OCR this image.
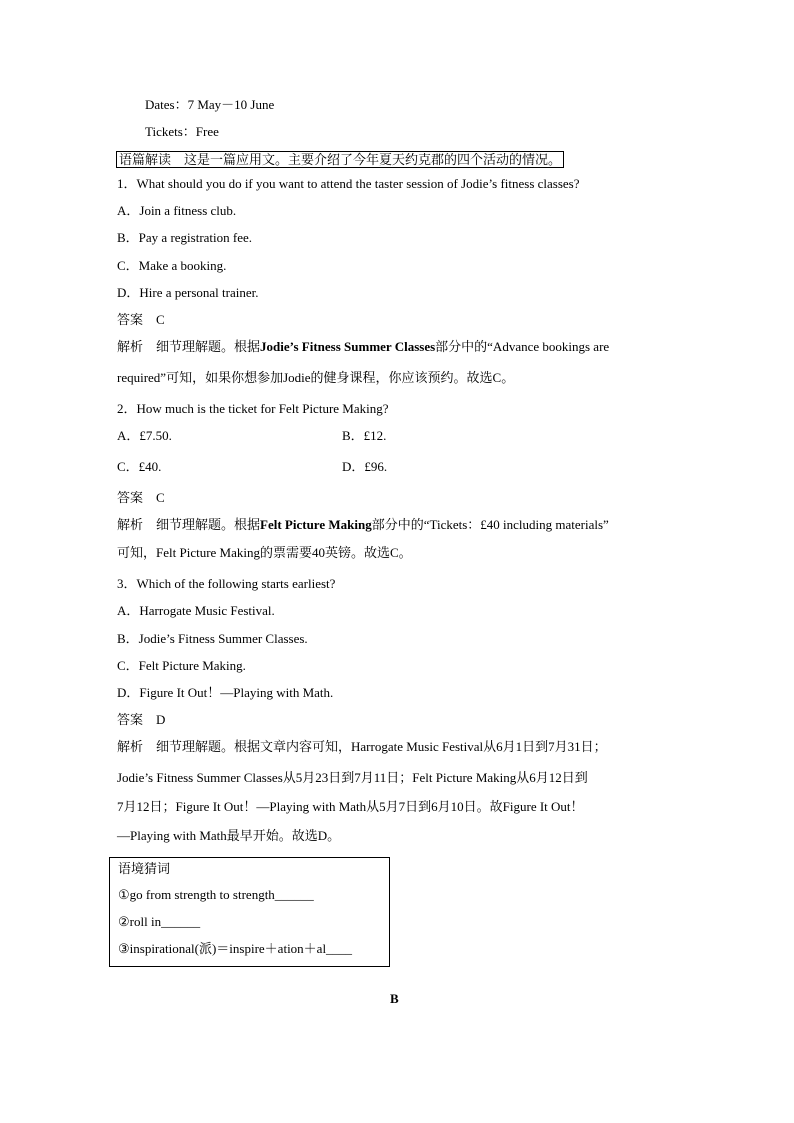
Dates：7 May－10 June
Tickets：Free
语篇解读　这是一篇应用文。主要介绍了今年夏天约克郡的四个活动的情况。
1．What should you do if you want to attend the taster session of Jodie’s fitness classes?
A．Join a fitness club.
B．Pay a registration fee.
C．Make a booking.
D．Hire a personal trainer.
答案　C
解析　细节理解题。根据Jodie’s Fitness Summer Classes部分中的“Advance bookings are
required”可知，如果你想参加Jodie的健身课程，你应该预约。故选C。
2．How much is the ticket for Felt Picture Making?
A．£7.50.	B．£12.
C．£40.	D．£96.
答案　C
解析　细节理解题。根据Felt Picture Making部分中的“Tickets：£40 including materials”
可知，Felt Picture Making的票需要40英镑。故选C。
3．Which of the following starts earliest?
A．Harrogate Music Festival.
B．Jodie’s Fitness Summer Classes.
C．Felt Picture Making.
D．Figure It Out！—Playing with Math.
答案　D
解析　细节理解题。根据文章内容可知，Harrogate Music Festival从6月1日到7月31日；
Jodie’s Fitness Summer Classes从5月23日到7月11日；Felt Picture Making从6月12日到
7月12日；Figure It Out！—Playing with Math从5月7日到6月10日。故Figure It Out！
—Playing with Math最早开始。故选D。
语境猜词
①go from strength to strength______
②roll in______
③inspirational(派)＝inspire＋ation＋al____
B
